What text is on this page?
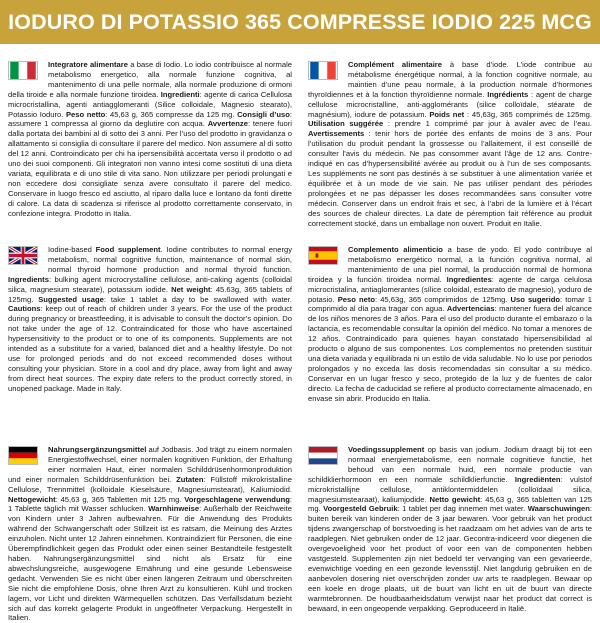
IODURO DI POTASSIO 365 COMPRESSE IODIO 225 MCG
Integratore alimentare a base di Iodio. Lo iodio contribuisce al normale metabolismo energetico, alla normale funzione cognitiva, al mantenimento di una pelle normale, alla normale produzione di ormoni della tiroide e alla normale funzione tiroidea. Ingredienti: agente di carica Cellulosa microcristallina, agenti antiagglomeranti (Silice colloidale, Magnesio stearato), Potassio Ioduro. Peso netto: 45,63 g, 365 compresse da 125 mg. Consigli d’uso: assumere 1 compressa al giorno da deglutire con acqua. Avvertenze: tenere fuori dalla portata dei bambini al di sotto dei 3 anni. Per l’uso del prodotto in gravidanza o allattamento si consiglia di consultare il parere del medico. Non assumere al di sotto del 12 anni. Controindicato per chi ha ipersensibilità accertata verso il prodotto o ad uno dei suoi componenti. Gli integratori non vanno intesi come sostituti di una dieta variata, equilibrata e di uno stile di vita sano. Non utilizzare per periodi prolungati e non eccedere dosi consigliate senza avere consultato il parere del medico. Conservare in luogo fresco ed asciutto, al riparo dalla luce e lontano da fonti dirette di calore. La data di scadenza si riferisce al prodotto correttamente conservato, in confezione integra. Prodotto in Italia.
Complément alimentaire à base d’iode. L’iode contribue au métabolisme énergétique normal, à la fonction cognitive normale, au maintien d’une peau normale, à la production normale d’hormones thyroïdiennes et à la fonction thyroïdienne normale. Ingrédients : agent de charge cellulose microcristalline, anti-agglomérants (silice colloïdale, stéarate de magnésium), iodure de potassium. Poids net : 45,63g, 365 comprimés de 125mg. Utilisation suggérée : prendre 1 comprimé par jour à avaler avec de l’eau. Avertissements : tenir hors de portée des enfants de moins de 3 ans. Pour l’utilisation du produit pendant la grossesse ou l’allaitement, il est conseillé de consulter l’avis du médecin. Ne pas consommer avant l’âge de 12 ans. Contre-indiqué en cas d’hypersensibilité avérée au produit ou à l’un de ses composants. Les suppléments ne sont pas destinés à se substituer à une alimentation variée et équilibrée et à un mode de vie sain. Ne pas utiliser pendant des périodes prolongées et ne pas dépasser les doses recommandées sans consulter votre médecin. Conserver dans un endroit frais et sec, à l’abri de la lumière et à l’écart des sources de chaleur directes. La date de péremption fait référence au produit correctement stocké, dans un emballage non ouvert. Produit en Italie.
Iodine-based Food supplement. Iodine contributes to normal energy metabolism, normal cognitive function, maintenance of normal skin, normal thyroid hormone production and normal thyroid function. Ingredients: bulking agent microcrystalline cellulose, anti-caking agents (colloidal silica, magnesium stearate), potassium iodide. Net weight: 45.63g, 365 tablets of 125mg. Suggested usage: take 1 tablet a day to be swallowed with water. Cautions: keep out of reach of children under 3 years. For the use of the product during pregnancy or breastfeeding, it is advisable to consult the doctor’s opinion. Do not take under the age of 12. Contraindicated for those who have ascertained hypersensitivity to the product or to one of its components. Supplements are not intended as a substitute for a varied, balanced diet and a healthy lifestyle. Do not use for prolonged periods and do not exceed recommended doses without consulting your physician. Store in a cool and dry place, away from light and away from direct heat sources. The expiry date refers to the product correctly stored, in unopened package. Made in Italy.
Complemento alimenticio a base de yodo. El yodo contribuye al metabolismo energético normal, a la función cognitiva normal, al mantenimiento de una piel normal, la producción normal de hormona tiroidea y la función tiroidea normal. Ingredientes: agente de carga celulosa microcristalina, antiaglomerantes (sílice coloidal, estearato de magnesio), yoduro de potasio. Peso neto: 45,63g, 365 comprimidos de 125mg. Uso sugerido: tomar 1 comprimido al día para tragar con agua. Advertencias: mantener fuera del alcance de los niños menores de 3 años. Para el uso del producto durante el embarazo o la lactancia, es recomendable consultar la opinión del médico. No tomar a menores de 12 años. Contraindicado para quienes hayan constatado hipersensibilidad al producto o alguno de sus componentes. Los complementos no pretenden sustituir una dieta variada y equilibrada ni un estilo de vida saludable. No lo use por periodos prolongados y no exceda las dosis recomendadas sin consultar a su médico. Conservar en un lugar fresco y seco, protegido de la luz y de fuentes de calor directo. La fecha de caducidad se refiere al producto correctamente almacenado, en envase sin abrir. Producido en Italia.
Nahrungsergänzungsmittel auf Jodbasis. Jod trägt zu einem normalen Energiestoffwechsel, einer normalen kognitiven Funktion, der Erhaltung einer normalen Haut, einer normalen Schilddrüsenhormonproduktion und einer normalen Schilddrüsenfunktion bei. Zutaten: Füllstoff mikrokristalline Cellulose, Trennmittel (kolloidale Kieselsäure, Magnesiumstearat), Kaliumiodid. Nettogewicht: 45,63 g, 365 Tabletten mit 125 mg. Vorgeschlagene verwendung: 1 Tablette täglich mit Wasser schlucken. Warnhinweise: Außerhalb der Reichweite von Kindern unter 3 Jahren aufbewahren. Für die Anwendung des Produkts während der Schwangerschaft oder Stillzeit ist es ratsam, die Meinung des Arztes einzuholen. Nicht unter 12 Jahren einnehmen. Kontraindiziert für Personen, die eine Überempfindlichkeit gegen das Produkt oder einen seiner Bestandteile festgestellt haben. Nahrungsergänzungsmittel sind nicht als Ersatz für eine abwechslungsreiche, ausgewogene Ernährung und eine gesunde Lebensweise gedacht. Verwenden Sie es nicht über einen längeren Zeitraum und überschreiten Sie nicht die empfohlene Dosis, ohne Ihren Arzt zu konsultieren. Kühl und trocken lagern, vor Licht und direkten Wärmequellen schützen. Das Verfallsdatum bezieht sich auf das korrekt gelagerte Produkt in ungeöffneter Verpackung. Hergestellt in Italien.
Voedingssupplement op basis van jodium. Jodium draagt bij tot een normaal energiemetabolisme, een normale cognitieve functie, het behoud van een normale huid, een normale productie van schildklierhormoon en een normale schildklierfunctie. Ingrediënten: vulstof microkristallijne cellulose, antiklontermiddelen (colloïdaal silica, magnesiumstearaat), kaliumjodide. Netto gewicht: 45,63 g, 365 tabletten van 125 mg. Voorgesteld Gebruik: 1 tablet per dag innemen met water. Waarschuwingen: buiten bereik van kinderen onder de 3 jaar bewaren. Voor gebruik van het product tijdens zwangerschap of borstvoeding is het raadzaam om het advies van de arts te raadplegen. Niet gebruiken onder de 12 jaar. Gecontra-indiceerd voor diegenen die overgevoeligheid voor het product of voor een van de componenten hebben vastgesteld. Supplementen zijn niet bedoeld ter vervanging van een gevarieerde, evenwichtige voeding en een gezonde levensstijl. Niet langdurig gebruiken en de aanbevolen dosering niet overschrijden zonder uw arts te raadplegen. Bewaar op een koele en droge plaats, uit de buurt van licht en uit de buurt van directe warmtebronnen. De houdbaarheidsdatum verwijst naar het product dat correct is bewaard, in een ongeopende verpakking. Geproduceerd in Italië.
